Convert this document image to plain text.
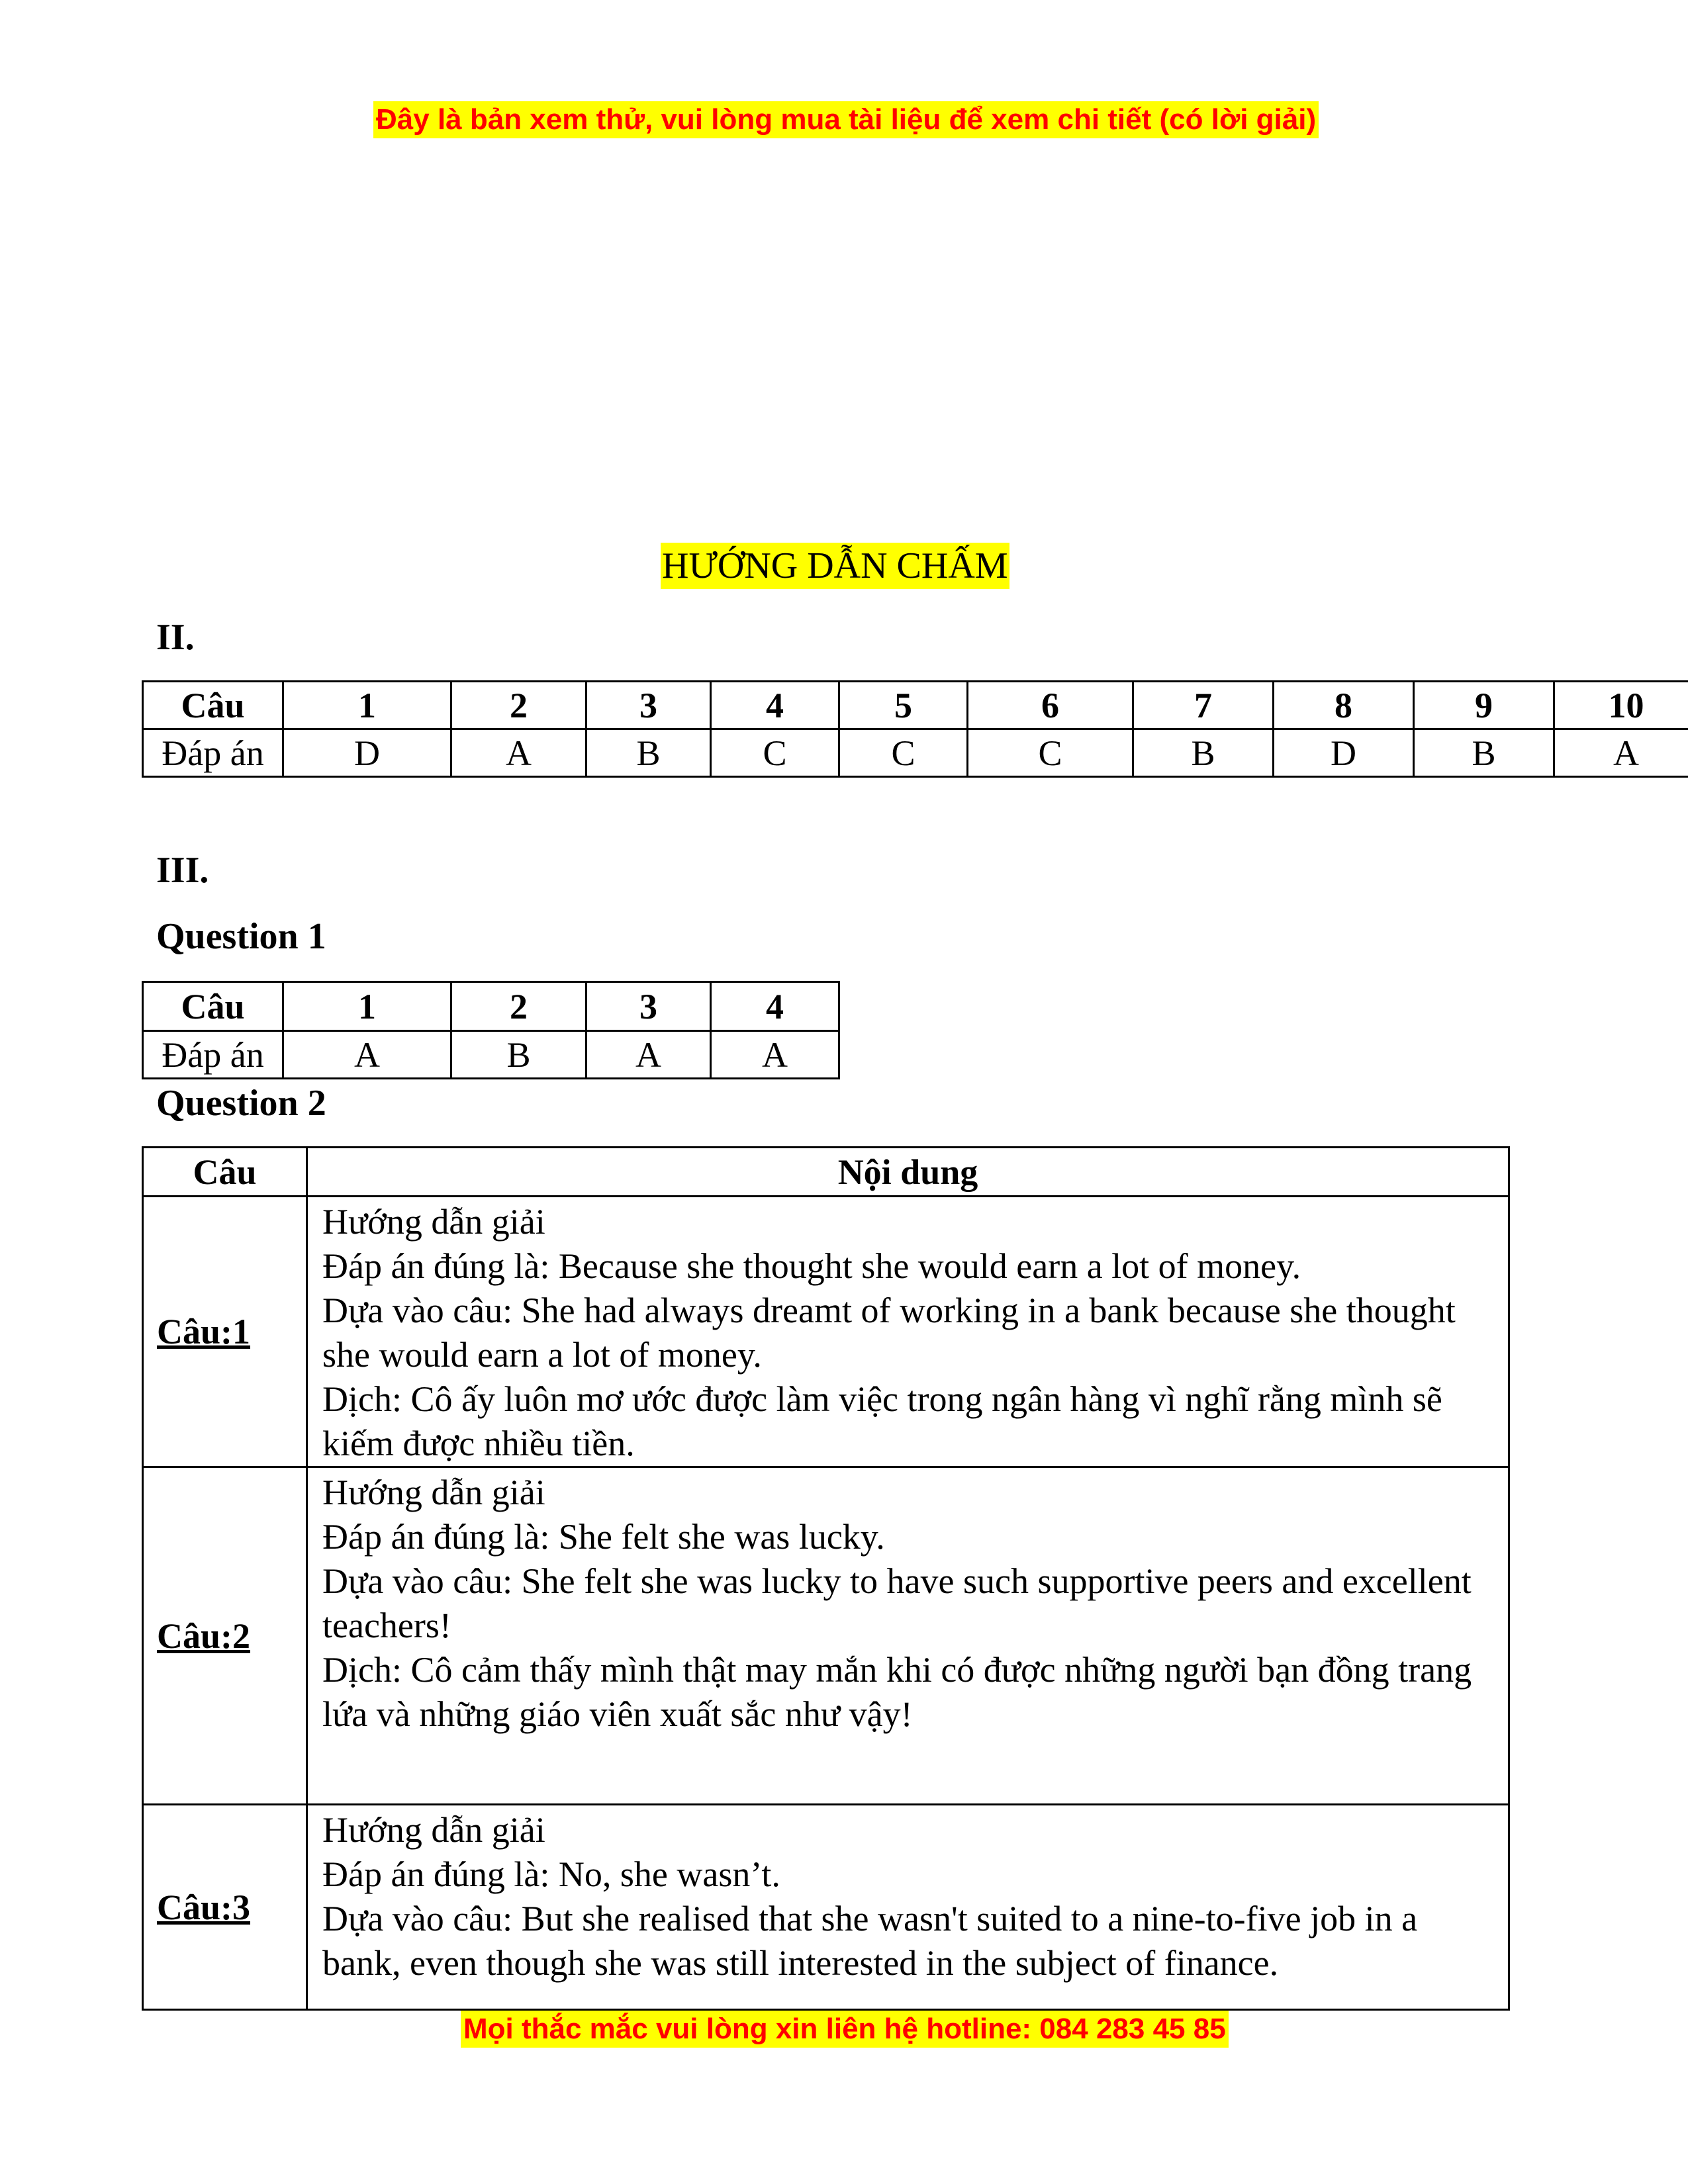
Đây là bản xem thử, vui lòng mua tài liệu để xem chi tiết (có lời giải)
HƯỚNG DẪN CHẤM
II.
Câu	1	2	3	4	5	6	7	8	9	10
Đáp án	D	A	B	C	C	C	B	D	B	A
III.
Question 1
Câu	1	2	3	4
Đáp án	A	B	A	A
Question 2
Câu	Nội dung
Câu:1	Hướng dẫn giải
Đáp án đúng là: Because she thought she would earn a lot of money.
Dựa vào câu: She had always dreamt of working in a bank because she thought she would earn a lot of money.
Dịch: Cô ấy luôn mơ ước được làm việc trong ngân hàng vì nghĩ rằng mình sẽ kiếm được nhiều tiền.

Câu:2	Hướng dẫn giải
Đáp án đúng là: She felt she was lucky.
Dựa vào câu: She felt she was lucky to have such supportive peers and excellent teachers!
Dịch: Cô cảm thấy mình thật may mắn khi có được những người bạn đồng trang lứa và những giáo viên xuất sắc như vậy!

Câu:3	Hướng dẫn giải
Đáp án đúng là: No, she wasn’t.
Dựa vào câu: But she realised that she wasn't suited to a nine-to-five job in a bank, even though she was still interested in the subject of finance.
Mọi thắc mắc vui lòng xin liên hệ hotline: 084 283 45 85
